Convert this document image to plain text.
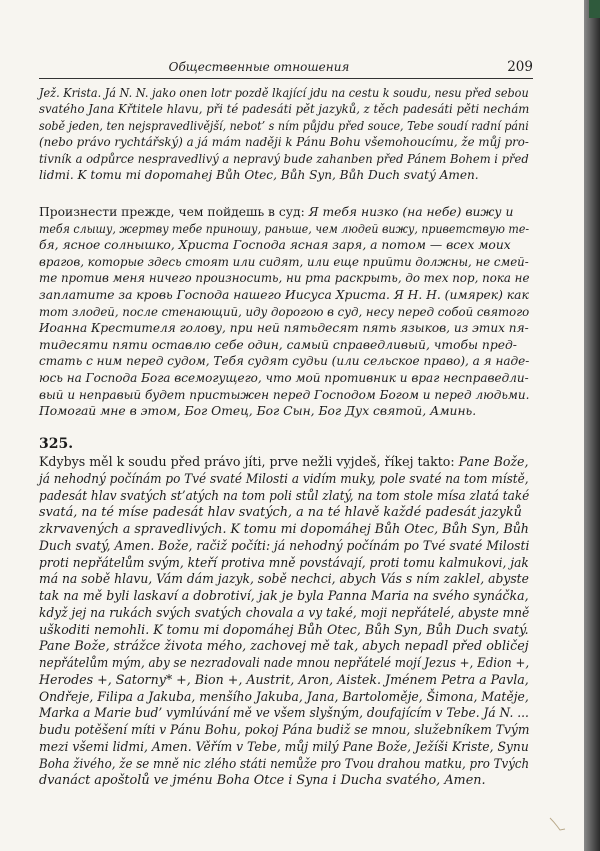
Общественные отношения	209
Jež. Krista. Já N. N. jako onen lotr pozdě lkající jdu na cestu k soudu, nesu před sebou
svatého Jana Křtitele hlavu, při té padesáti pět jazyků, z těch padesáti pěti nechám
sobě jeden, ten nejspravedlivější, nebot’ s ním půjdu před souce, Tebe soudí radní páni
(nebo právo rychtářský) a já mám naději k Pánu Bohu všemohoucímu, že můj pro-
tivník a odpůrce nespravedlivý a nepravý bude zahanben před Pánem Bohem i před
lidmi. K tomu mi dopomahej Bůh Otec, Bůh Syn, Bůh Duch svatý Amen.
Произнести прежде, чем пойдешь в суд: Я тебя низко (на небе) вижу и
тебя слышу, жертву тебе приношу, раньше, чем людей вижу, приветствую те-
бя, ясное солнышко, Христа Господа ясная заря, а потом — всех моих
врагов, которые здесь стоят или сидят, или еще прийти должны, не смей-
те против меня ничего произносить, ни рта раскрыть, до тех пор, пока не
заплатите за кровь Господа нашего Иисуса Христа. Я Н. Н. (имярек) как
тот злодей, после стенающий, иду дорогою в суд, несу перед собой святого
Иоанна Крестителя голову, при ней пятьдесят пять языков, из этих пя-
тидесяти пяти оставлю себе один, самый справедливый, чтобы пред-
стать с ним перед судом, Тебя судят судьи (или сельское право), а я наде-
юсь на Господа Бога всемогущего, что мой противник и враг несправедли-
вый и неправый будет пристыжен перед Господом Богом и перед людьми.
Помогай мне в этом, Бог Отец, Бог Сын, Бог Дух святой, Аминь.
325.
Kdybys měl k soudu před právo jíti, prve nežli vyjdeš, říkej takto: Pane Bože,
já nehodný počínám po Tvé svaté Milosti a vidím muky, pole svaté na tom místě,
padesát hlav svatých st’atých na tom poli stůl zlatý, na tom stole mísa zlatá také
svatá, na té míse padesát hlav svatých, a na té hlavě každé padesát jazyků
zkrvavených a spravedlivých. K tomu mi dopomáhej Bůh Otec, Bůh Syn, Bůh
Duch svatý, Amen. Bože, račiž počíti: já nehodný počínám po Tvé svaté Milosti
proti nepřátelům svým, kteří protiva mně povstávají, proti tomu kalmukovi, jak
má na sobě hlavu, Vám dám jazyk, sobě nechci, abych Vás s ním zaklel, abyste
tak na mě byli laskaví a dobrotiví, jak je byla Panna Maria na svého synáčka,
když jej na rukách svých svatých chovala a vy také, moji nepřátelé, abyste mně
uškoditi nemohli. K tomu mi dopomáhej Bůh Otec, Bůh Syn, Bůh Duch svatý.
Pane Bože, strážce života mého, zachovej mě tak, abych nepadl před obličej
nepřátelům mým, aby se nezradovali nade mnou nepřátelé mojí Jezus +, Edion +,
Herodes +, Satorny* +, Bion +, Austrit, Aron, Aistek. Jménem Petra a Pavla,
Ondřeje, Filipa a Jakuba, menšího Jakuba, Jana, Bartoloměje, Šimona, Matěje,
Marka a Marie bud’ vymlúvání mě ve všem slyšným, doufajícím v Tebe. Já N. ...
budu potěšení míti v Pánu Bohu, pokoj Pána budiž se mnou, služebníkem Tvým
mezi všemi lidmi, Amen. Věřím v Tebe, můj milý Pane Bože, Ježíši Kriste, Synu
Boha živého, že se mně nic zlého státi nemůže pro Tvou drahou matku, pro Tvých
dvanáct apoštolů ve jménu Boha Otce i Syna i Ducha svatého, Amen.
